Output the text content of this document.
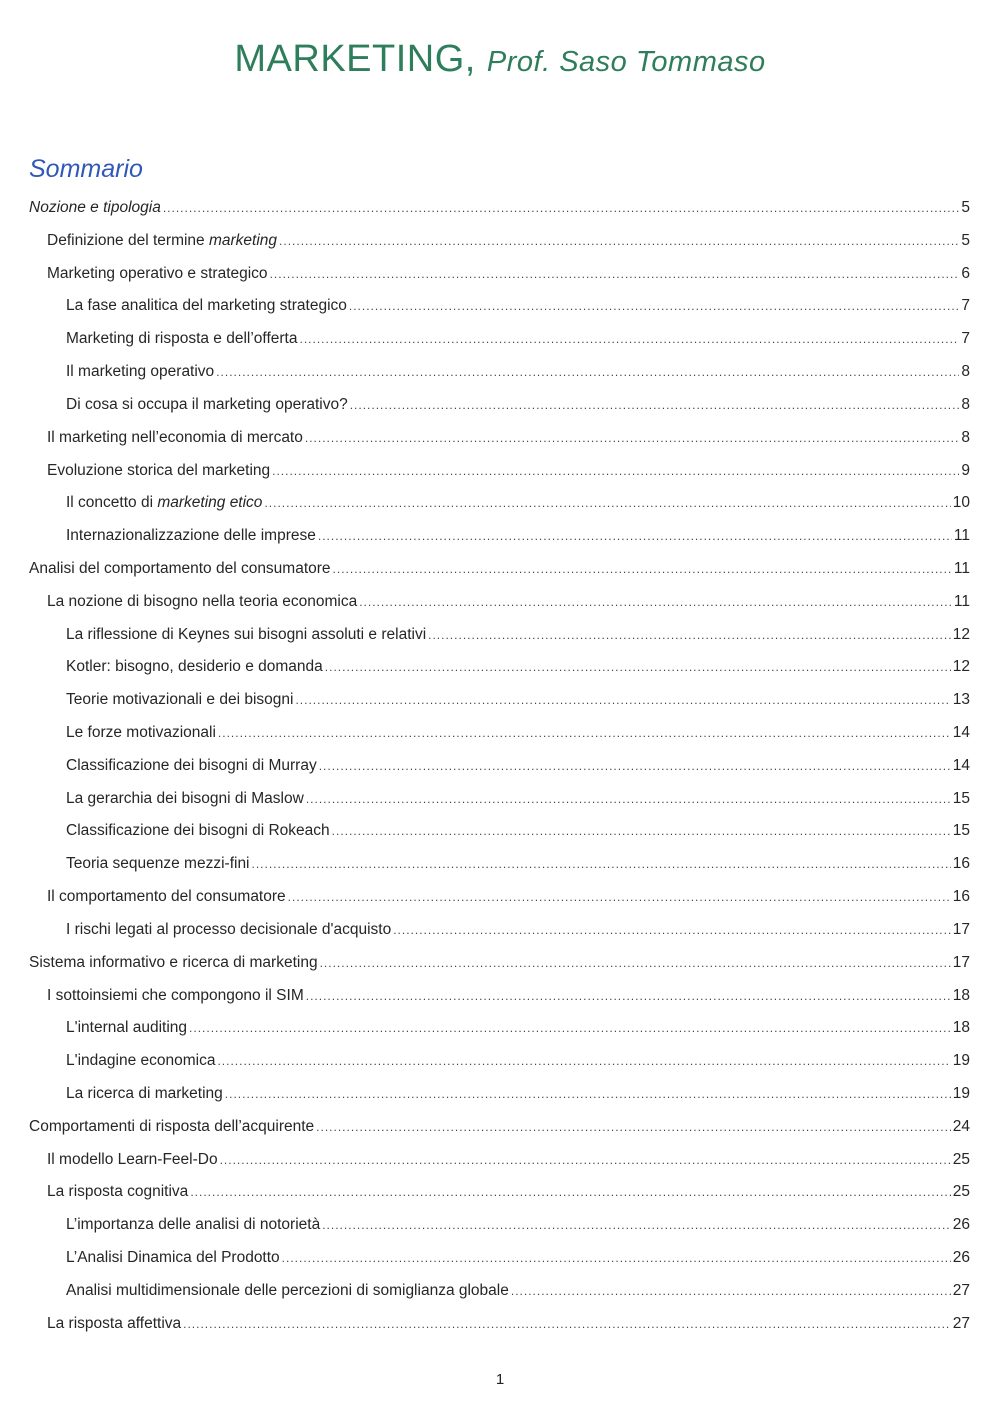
MARKETING, Prof. Saso Tommaso
Sommario
Nozione e tipologia .....	5
Definizione del termine marketing .....	5
Marketing operativo e strategico .....	6
La fase analitica del marketing strategico .....	7
Marketing di risposta e dell’offerta .....	7
Il marketing operativo .....	8
Di cosa si occupa il marketing operativo? .....	8
Il marketing nell’economia di mercato .....	8
Evoluzione storica del marketing .....	9
Il concetto di marketing etico .....	10
Internazionalizzazione delle imprese .....	11
Analisi del comportamento del consumatore .....	11
La nozione di bisogno nella teoria economica .....	11
La riflessione di Keynes sui bisogni assoluti e relativi .....	12
Kotler: bisogno, desiderio e domanda .....	12
Teorie motivazionali e dei bisogni .....	13
Le forze motivazionali .....	14
Classificazione dei bisogni di Murray .....	14
La gerarchia dei bisogni di Maslow .....	15
Classificazione dei bisogni di Rokeach .....	15
Teoria sequenze mezzi-fini .....	16
Il comportamento del consumatore .....	16
I rischi legati al processo decisionale d'acquisto .....	17
Sistema informativo e ricerca di marketing .....	17
I sottoinsiemi che compongono il SIM .....	18
L'internal auditing .....	18
L'indagine economica .....	19
La ricerca di marketing .....	19
Comportamenti di risposta dell’acquirente .....	24
Il modello Learn-Feel-Do .....	25
La risposta cognitiva .....	25
L’importanza delle analisi di notorietà .....	26
L’Analisi Dinamica del Prodotto .....	26
Analisi multidimensionale delle percezioni di somiglianza globale .....	27
La risposta affettiva .....	27
1
